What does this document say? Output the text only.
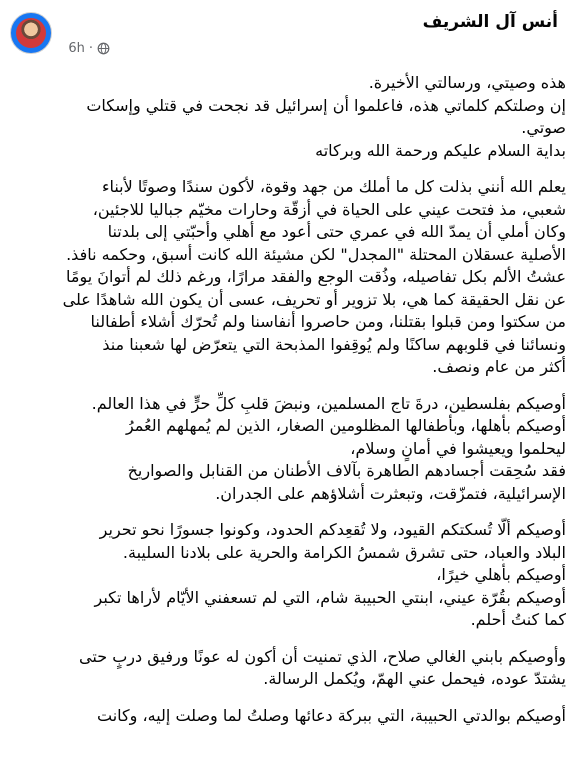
أنس آل الشريف
6h ·
هذه وصيتي، ورسالتي الأخيرة.
إن وصلتكم كلماتي هذه، فاعلموا أن إسرائيل قد نجحت في قتلي وإسكات
صوتي.
بداية السلام عليكم ورحمة الله وبركاته
يعلم الله أنني بذلت كل ما أملك من جهد وقوة، لأكون سندًا وصوتًا لأبناء
شعبي، مذ فتحت عيني على الحياة في أزقّة وحارات مخيّم جباليا للاجئين،
وكان أملي أن يمدّ الله في عمري حتى أعود مع أهلي وأحبّتي إلى بلدتنا
الأصلية عسقلان المحتلة "المجدل" لكن مشيئة الله كانت أسبق، وحكمه نافذ.
عشتُ الألم بكل تفاصيله، وذُقت الوجع والفقد مرارًا، ورغم ذلك لم أتوانَ يومًا
عن نقل الحقيقة كما هي، بلا تزوير أو تحريف، عسى أن يكون الله شاهدًا على
من سكتوا ومن قبلوا بقتلنا، ومن حاصروا أنفاسنا ولم تُحرّك أشلاء أطفالنا
ونسائنا في قلوبهم ساكنًا ولم يُوقِفوا المذبحة التي يتعرّض لها شعبنا منذ
أكثر من عام ونصف.
أوصيكم بفلسطين، درةَ تاج المسلمين، ونبضَ قلبِ كلِّ حرٍّ في هذا العالم.
أوصيكم بأهلها، وبأطفالها المظلومين الصغار، الذين لم يُمهلهم العُمرُ
ليحلموا ويعيشوا في أمانٍ وسلام،
فقد سُحِقت أجسادهم الطاهرة بآلاف الأطنان من القنابل والصواريخ
الإسرائيلية، فتمزّقت، وتبعثرت أشلاؤهم على الجدران.
أوصيكم ألّا تُسكتكم القيود، ولا تُقعِدكم الحدود، وكونوا جسورًا نحو تحرير
البلاد والعباد، حتى تشرق شمسُ الكرامة والحرية على بلادنا السليبة.
أوصيكم بأهلي خيرًا،
أوصيكم بقُرّة عيني، ابنتي الحبيبة شام، التي لم تسعفني الأيّام لأراها تكبر
كما كنتُ أحلم.
وأوصيكم بابني الغالي صلاح، الذي تمنيت أن أكون له عونًا ورفيق دربٍ حتى
يشتدّ عوده، فيحمل عني الهمّ، ويُكمل الرسالة.
أوصيكم بوالدتي الحبيبة، التي ببركة دعائها وصلتُ لما وصلت إليه، وكانت
